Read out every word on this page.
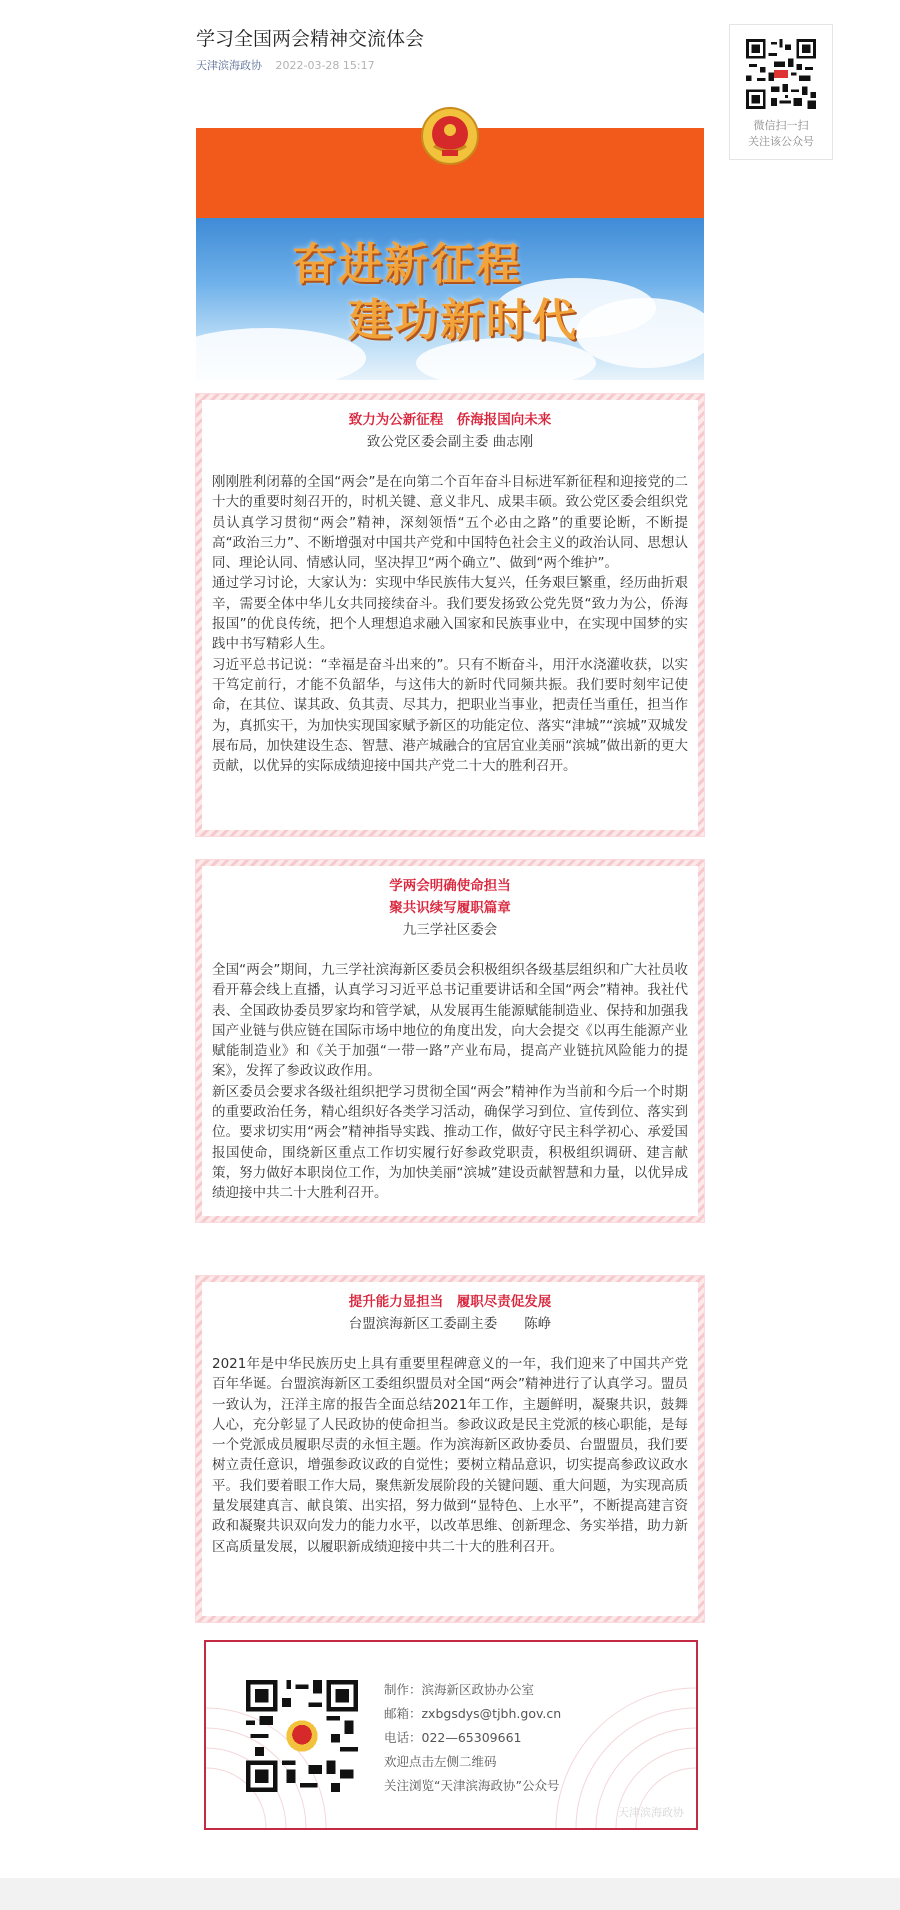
学习全国两会精神交流体会
天津滨海政协 2022-03-28 15:17
微信扫一扫
关注该公众号
奋进新征程
建功新时代
致力为公新征程　侨海报国向未来
致公党区委会副主委 曲志刚

刚刚胜利闭幕的全国“两会”是在向第二个百年奋斗目标进军新征程和迎接党的二十大的重要时刻召开的，时机关键、意义非凡、成果丰硕。致公党区委会组织党员认真学习贯彻“两会”精神，深刻领悟“五个必由之路”的重要论断，不断提高“政治三力”、不断增强对中国共产党和中国特色社会主义的政治认同、思想认同、理论认同、情感认同，坚决捍卫“两个确立”、做到“两个维护”。

通过学习讨论，大家认为：实现中华民族伟大复兴，任务艰巨繁重，经历曲折艰辛，需要全体中华儿女共同接续奋斗。我们要发扬致公党先贤“致力为公，侨海报国”的优良传统，把个人理想追求融入国家和民族事业中，在实现中国梦的实践中书写精彩人生。

习近平总书记说：“幸福是奋斗出来的”。只有不断奋斗，用汗水浇灌收获，以实干笃定前行，才能不负韶华，与这伟大的新时代同频共振。我们要时刻牢记使命，在其位、谋其政、负其责、尽其力，把职业当事业，把责任当重任，担当作为，真抓实干，为加快实现国家赋予新区的功能定位、落实“津城”“滨城”双城发展布局，加快建设生态、智慧、港产城融合的宜居宜业美丽“滨城”做出新的更大贡献，以优异的实际成绩迎接中国共产党二十大的胜利召开。

学两会明确使命担当
聚共识续写履职篇章
九三学社区委会

全国“两会”期间，九三学社滨海新区委员会积极组织各级基层组织和广大社员收看开幕会线上直播，认真学习习近平总书记重要讲话和全国“两会”精神。我社代表、全国政协委员罗家均和管学斌，从发展再生能源赋能制造业、保持和加强我国产业链与供应链在国际市场中地位的角度出发，向大会提交《以再生能源产业赋能制造业》和《关于加强“一带一路”产业布局，提高产业链抗风险能力的提案》，发挥了参政议政作用。

新区委员会要求各级社组织把学习贯彻全国“两会”精神作为当前和今后一个时期的重要政治任务，精心组织好各类学习活动，确保学习到位、宣传到位、落实到位。要求切实用“两会”精神指导实践、推动工作，做好守民主科学初心、承爱国报国使命，围绕新区重点工作切实履行好参政党职责，积极组织调研、建言献策，努力做好本职岗位工作，为加快美丽“滨城”建设贡献智慧和力量，以优异成绩迎接中共二十大胜利召开。

提升能力显担当　履职尽责促发展
台盟滨海新区工委副主委　　陈峥

2021年是中华民族历史上具有重要里程碑意义的一年，我们迎来了中国共产党百年华诞。台盟滨海新区工委组织盟员对全国“两会”精神进行了认真学习。盟员一致认为，汪洋主席的报告全面总结2021年工作，主题鲜明，凝聚共识，鼓舞人心，充分彰显了人民政协的使命担当。参政议政是民主党派的核心职能，是每一个党派成员履职尽责的永恒主题。作为滨海新区政协委员、台盟盟员，我们要树立责任意识，增强参政议政的自觉性；要树立精品意识，切实提高参政议政水平。我们要着眼工作大局，聚焦新发展阶段的关键问题、重大问题，为实现高质量发展建真言、献良策、出实招，努力做到“显特色、上水平”，不断提高建言资政和凝聚共识双向发力的能力水平，以改革思维、创新理念、务实举措，助力新区高质量发展，以履职新成绩迎接中共二十大的胜利召开。

制作：滨海新区政协办公室
邮箱：zxbgsdys@tjbh.gov.cn
电话：022—65309661
欢迎点击左侧二维码
关注浏览“天津滨海政协”公众号
天津滨海政协
